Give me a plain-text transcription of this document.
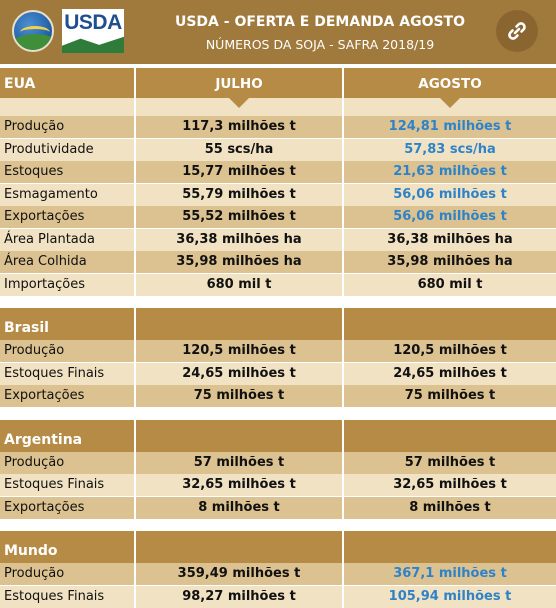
USDA	USDA - OFERTA E DEMANDA AGOSTO
NÚMEROS DA SOJA - SAFRA 2018/19
EUA	JULHO	AGOSTO
Produção	117,3 milhões t	124,81 milhões t
Produtividade	55 scs/ha	57,83 scs/ha
Estoques	15,77 milhões t	21,63 milhões t
Esmagamento	55,79 milhões t	56,06 milhões t
Exportações	55,52 milhões t	56,06 milhões t
Área Plantada	36,38 milhões ha	36,38 milhões ha
Área Colhida	35,98 milhões ha	35,98 milhões ha
Importações	680 mil t	680 mil t
Brasil
Produção	120,5 milhões t	120,5 milhões t
Estoques Finais	24,65 milhões t	24,65 milhões t
Exportações	75 milhões t	75 milhões t
Argentina
Produção	57 milhões t	57 milhões t
Estoques Finais	32,65 milhões t	32,65 milhões t
Exportações	8 milhões t	8 milhões t
Mundo
Produção	359,49 milhões t	367,1 milhões t
Estoques Finais	98,27 milhões t	105,94 milhões t
